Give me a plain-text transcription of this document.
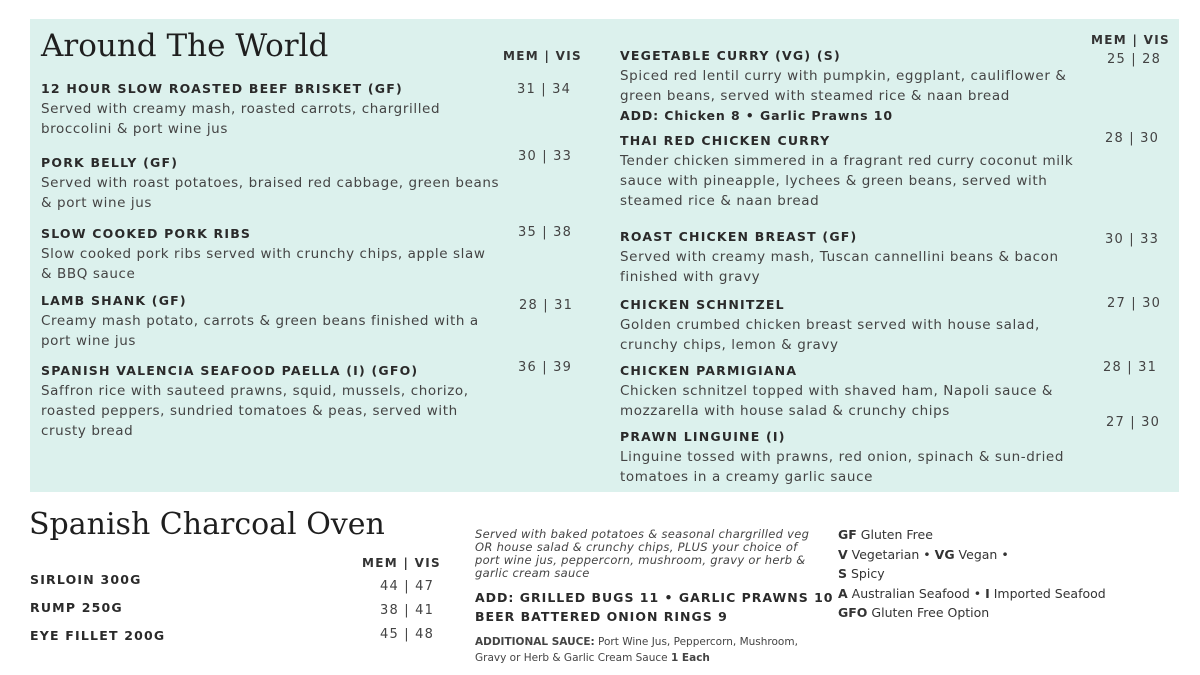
Around The World	MEM | VIS
MEM | VIS
12 HOUR SLOW ROASTED BEEF BRISKET (GF)
Served with creamy mash, roasted carrots, chargrilled broccolini & port wine jus
31 | 34
PORK BELLY (GF)
Served with roast potatoes, braised red cabbage, green beans & port wine jus
30 | 33
SLOW COOKED PORK RIBS
Slow cooked pork ribs served with crunchy chips, apple slaw & BBQ sauce
35 | 38
LAMB SHANK (GF)
Creamy mash potato, carrots & green beans finished with a port wine jus
28 | 31
SPANISH VALENCIA SEAFOOD PAELLA (I) (GFO)
Saffron rice with sauteed prawns, squid, mussels, chorizo, roasted peppers, sundried tomatoes & peas, served with crusty bread
36 | 39
VEGETABLE CURRY (VG) (S)
Spiced red lentil curry with pumpkin, eggplant, cauliflower & green beans, served with steamed rice & naan bread
ADD: Chicken 8 • Garlic Prawns 10
25 | 28
THAI RED CHICKEN CURRY
Tender chicken simmered in a fragrant red curry coconut milk sauce with pineapple, lychees & green beans, served with steamed rice & naan bread
28 | 30
ROAST CHICKEN BREAST (GF)
Served with creamy mash, Tuscan cannellini beans & bacon finished with gravy
30 | 33
CHICKEN SCHNITZEL
Golden crumbed chicken breast served with house salad, crunchy chips, lemon & gravy
27 | 30
CHICKEN PARMIGIANA
Chicken schnitzel topped with shaved ham, Napoli sauce & mozzarella with house salad & crunchy chips
28 | 31
PRAWN LINGUINE (I)
Linguine tossed with prawns, red onion, spinach & sun-dried tomatoes in a creamy garlic sauce
27 | 30
Spanish Charcoal Oven
MEM | VIS
SIRLOIN 300G	44 | 47
RUMP 250G	38 | 41
EYE FILLET 200G	45 | 48
Served with baked potatoes & seasonal chargrilled veg OR house salad & crunchy chips, PLUS your choice of port wine jus, peppercorn, mushroom, gravy or herb & garlic cream sauce
ADD: GRILLED BUGS 11 • GARLIC PRAWNS 10
BEER BATTERED ONION RINGS 9
ADDITIONAL SAUCE: Port Wine Jus, Peppercorn, Mushroom, Gravy or Herb & Garlic Cream Sauce 1 Each
GF Gluten Free
V Vegetarian • VG Vegan •
S Spicy
A Australian Seafood • I Imported Seafood
GFO Gluten Free Option
